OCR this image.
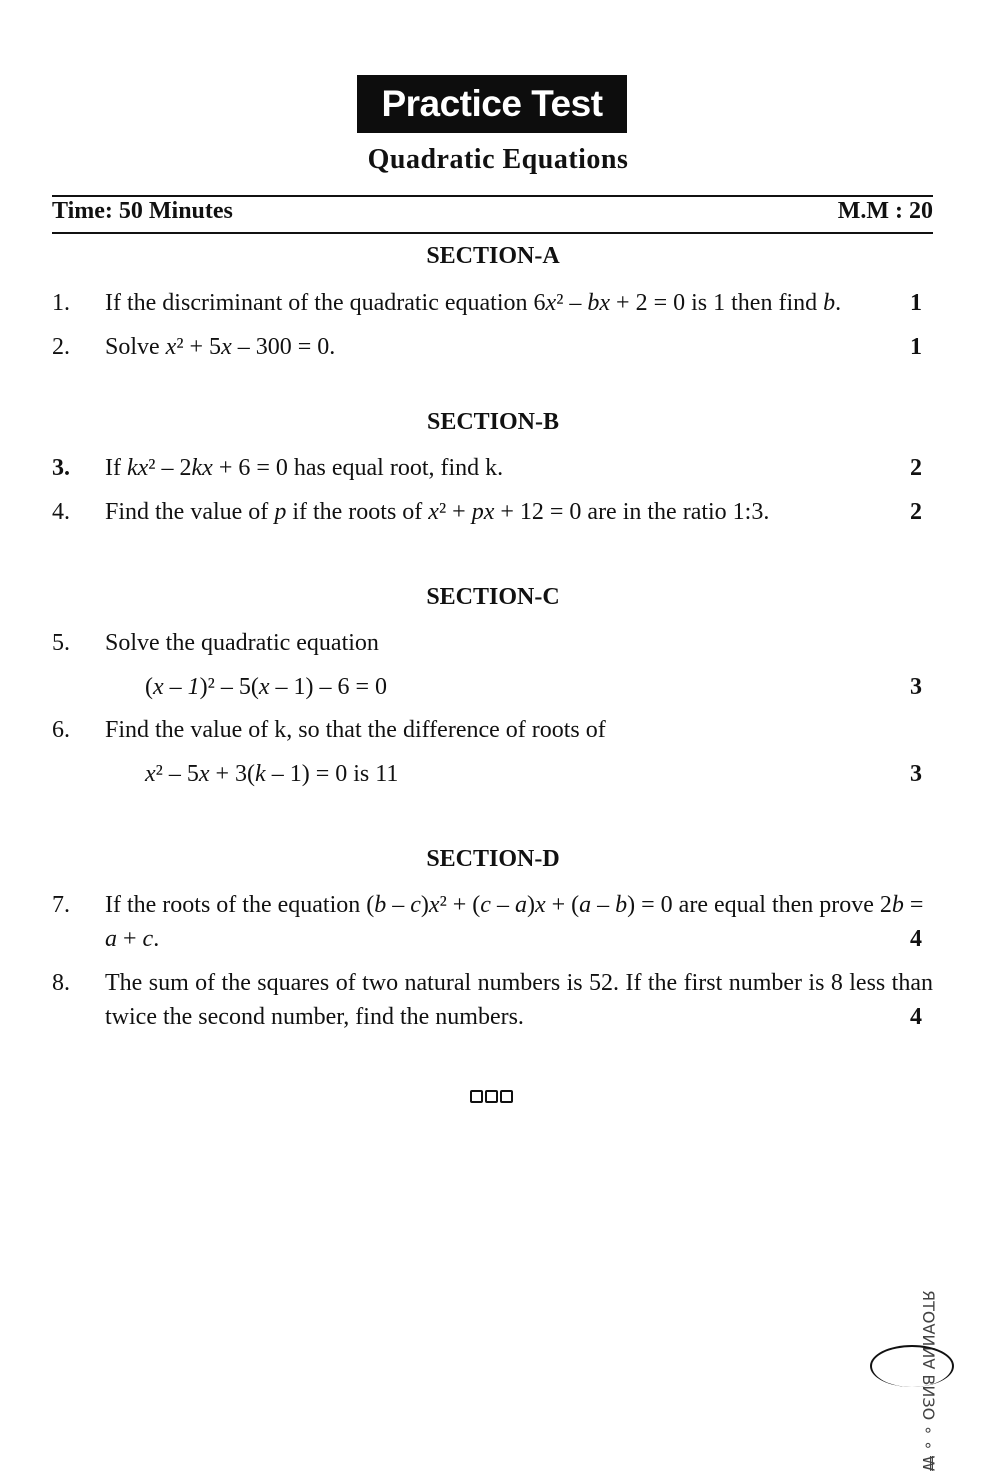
Practice Test
Quadratic Equations
Time: 50 Minutes	M.M : 20
SECTION-A
1. If the discriminant of the quadratic equation 6x² – bx + 2 = 0 is 1 then find b.	1
2. Solve x² + 5x – 300 = 0.	1
SECTION-B
3. If kx² – 2kx + 6 = 0 has equal root, find k.	2
4. Find the value of p if the roots of x² + px + 12 = 0 are in the ratio 1:3.	2
SECTION-C
5. Solve the quadratic equation
(x – 1)² – 5(x – 1) – 6 = 0	3
6. Find the value of k, so that the difference of roots of
x² – 5x + 3(k – 1) = 0 is 11	3
SECTION-D
7. If the roots of the equation (b – c)x² + (c – a)x + (a – b) = 0 are equal then prove 2b = a + c.	4
8. The sum of the squares of two natural numbers is 52. If the first number is 8 less than twice the second number, find the numbers.	4
ЯTO∀ИИ∀ ВИЗО ∘ ∘ ₩
